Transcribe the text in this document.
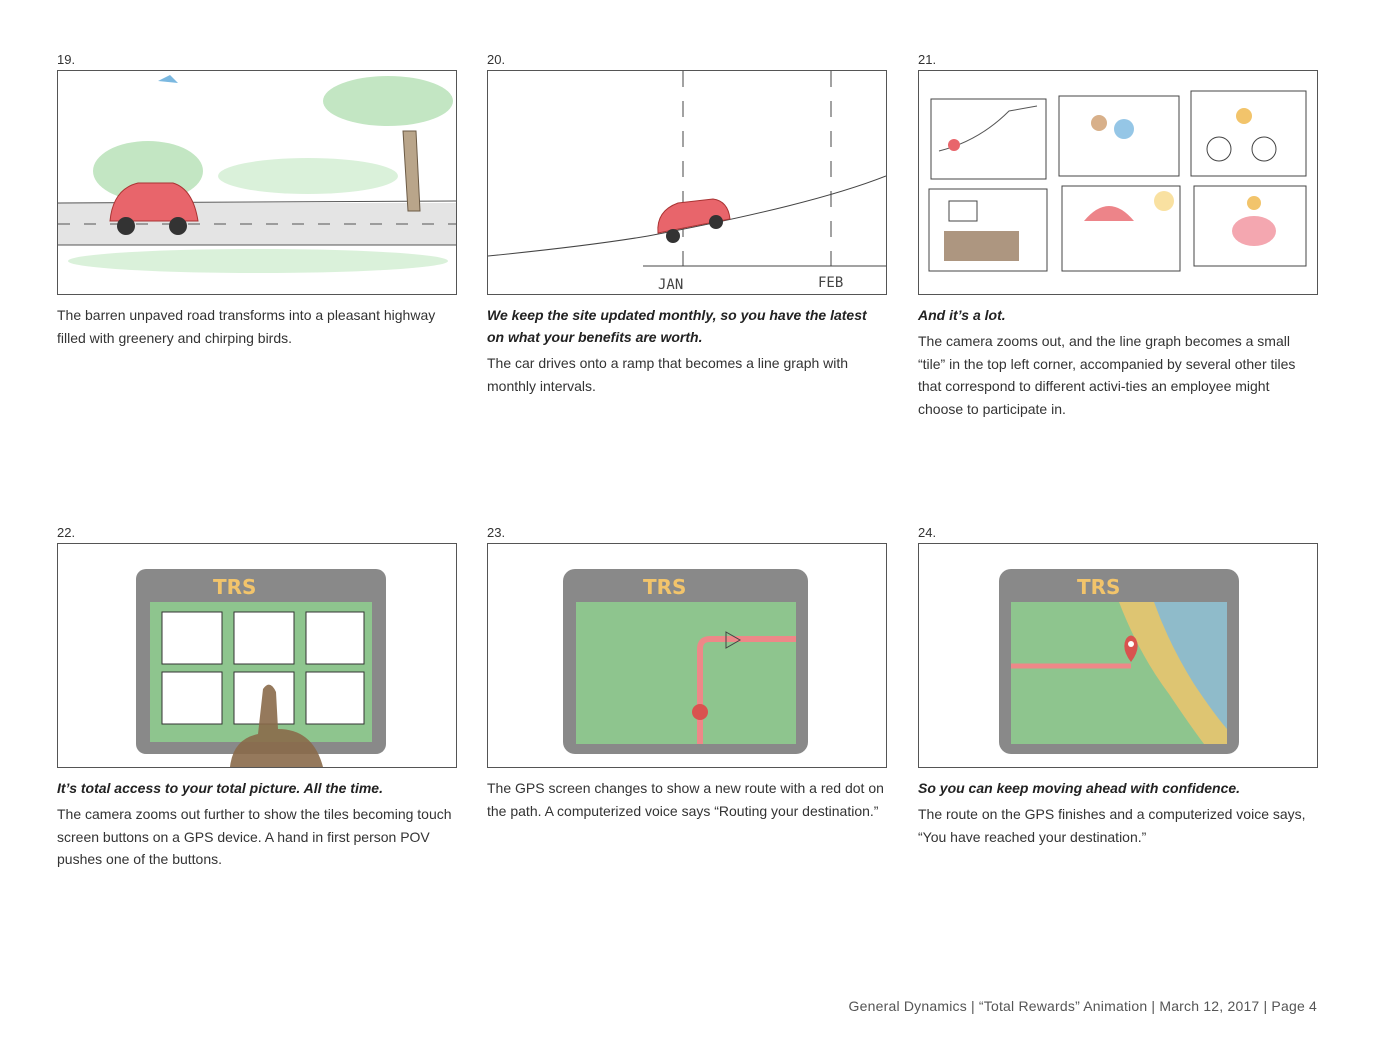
19.
The barren unpaved road transforms into a pleasant highway filled with greenery and chirping birds.
20.
JAN	FEB
We keep the site updated monthly, so you have the latest on what your benefits are worth.
The car drives onto a ramp that becomes a line graph with monthly intervals.
21.
And it’s a lot.
The camera zooms out, and the line graph becomes a small “tile” in the top left corner, accompanied by several other tiles that correspond to different activi-ties an employee might choose to participate in.
22.
TRS
It’s total access to your total picture. All the time.
The camera zooms out further to show the tiles becoming touch screen buttons on a GPS device. A hand in first person POV pushes one of the buttons.
23.
TRS
The GPS screen changes to show a new route with a red dot on the path. A computerized voice says “Routing your destination.”
24.
TRS
So you can keep moving ahead with confidence.
The route on the GPS finishes and a computerized voice says, “You have reached your destination.”
General Dynamics | “Total Rewards” Animation | March 12, 2017 | Page 4
